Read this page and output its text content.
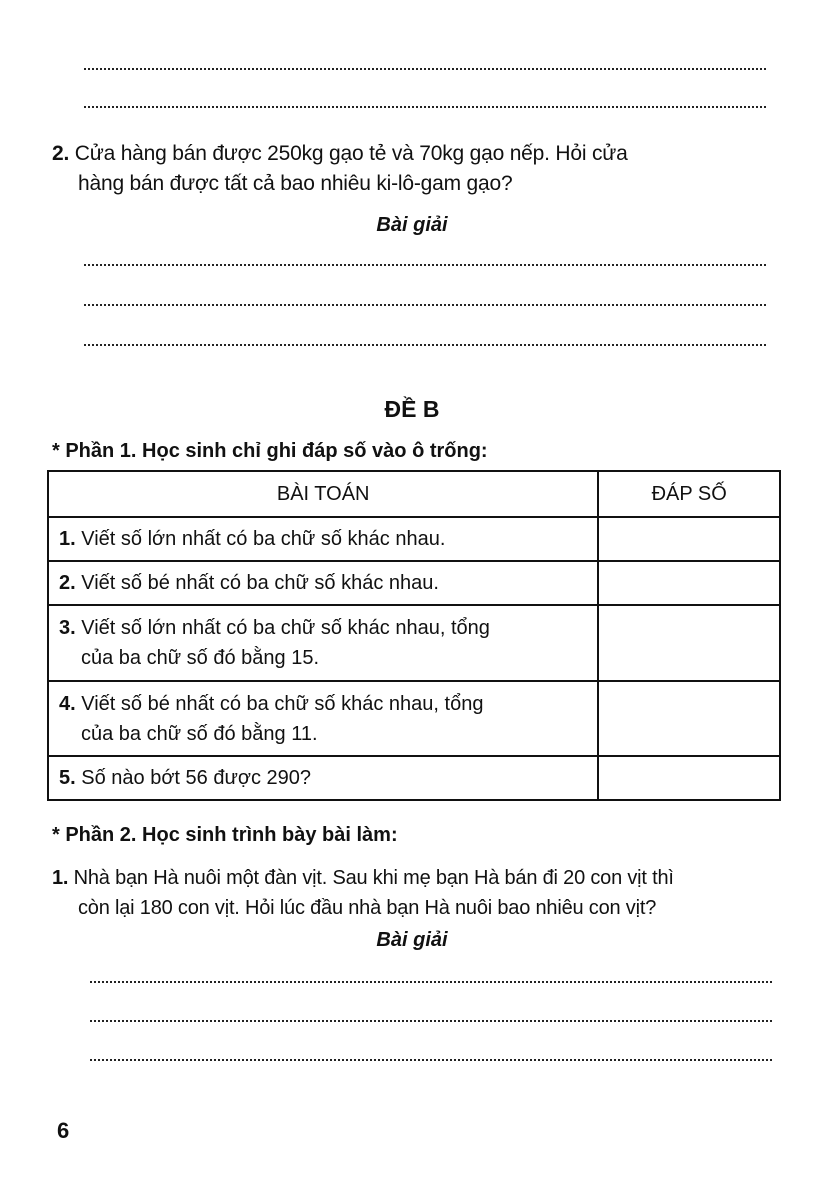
2. Cửa hàng bán được 250kg gạo tẻ và 70kg gạo nếp. Hỏi cửa
hàng bán được tất cả bao nhiêu ki-lô-gam gạo?
Bài giải
ĐỀ B
* Phần 1. Học sinh chỉ ghi đáp số vào ô trống:
BÀI TOÁN	ĐÁP SỐ
1. Viết số lớn nhất có ba chữ số khác nhau.	
2. Viết số bé nhất có ba chữ số khác nhau.	
3. Viết số lớn nhất có ba chữ số khác nhau, tổng
của ba chữ số đó bằng 15.	
4. Viết số bé nhất có ba chữ số khác nhau, tổng
của ba chữ số đó bằng 11.	
5. Số nào bớt 56 được 290?	
* Phần 2. Học sinh trình bày bài làm:
1. Nhà bạn Hà nuôi một đàn vịt. Sau khi mẹ bạn Hà bán đi 20 con vịt thì
còn lại 180 con vịt. Hỏi lúc đầu nhà bạn Hà nuôi bao nhiêu con vịt?
Bài giải
6
